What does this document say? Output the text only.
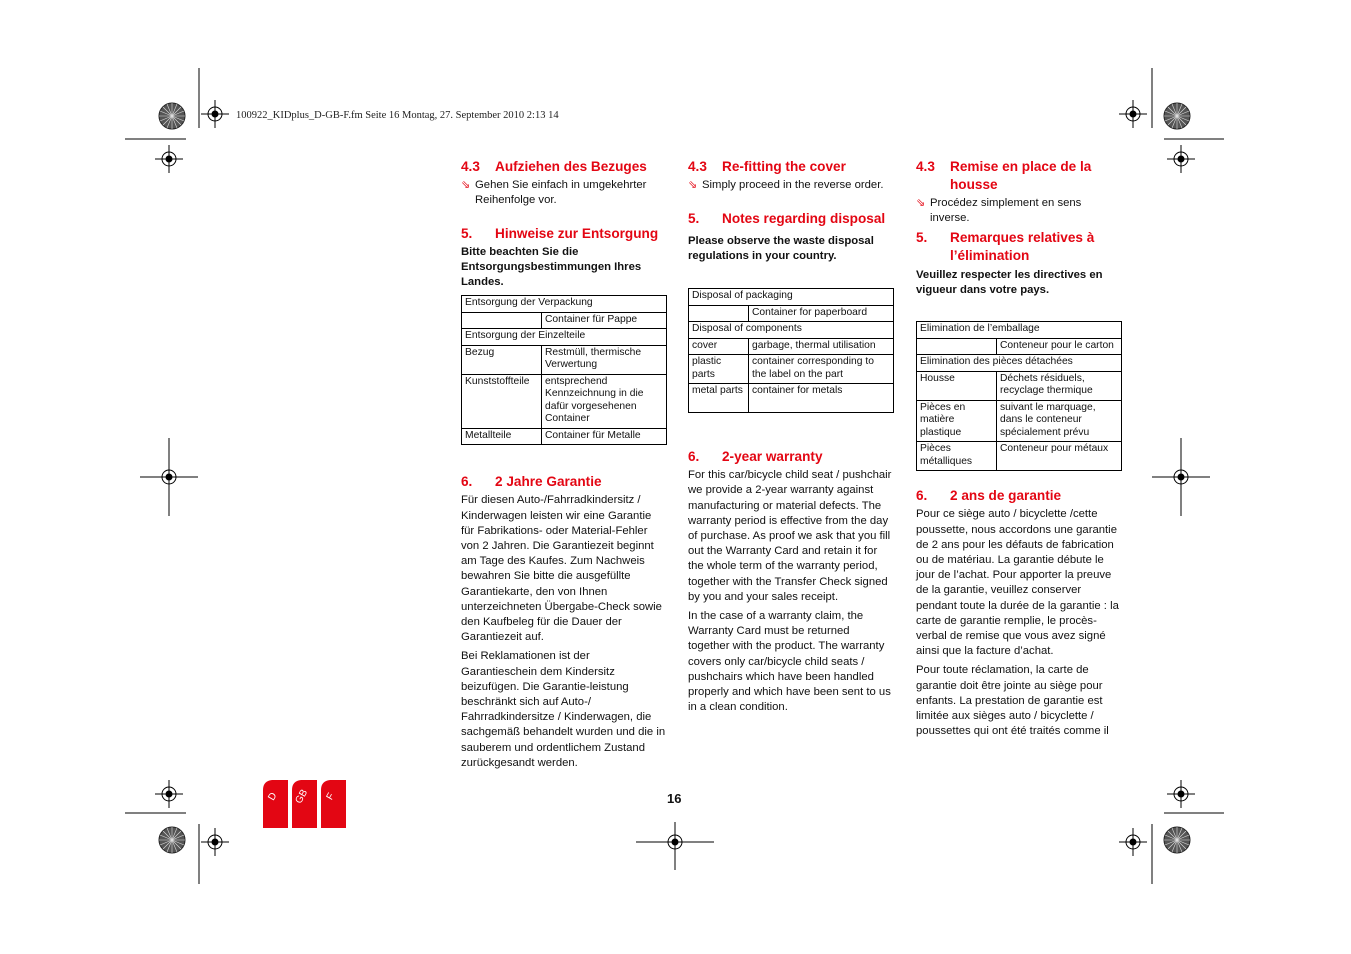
100922_KIDplus_D-GB-F.fm Seite 16 Montag, 27. September 2010 2:13 14
4.3	Aufziehen des Bezuges
⇘ Gehen Sie einfach in umgekehrter Reihenfolge vor.
5.	Hinweise zur Entsorgung

Bitte beachten Sie die Entsorgungsbestimmungen Ihres Landes.

Entsorgung der Verpackung	
	Container für Pappe
Entsorgung der Einzelteile	
Bezug	Restmüll, thermische Verwertung
Kunststoffteile	entsprechend Kennzeichnung in die dafür vorgesehenen Container
Metallteile	Container für Metalle
6.	2 Jahre Garantie

Für diesen Auto-/Fahrradkindersitz / Kinderwagen leisten wir eine Garantie für Fabrikations- oder Material-Fehler von 2 Jahren. Die Garantiezeit beginnt am Tage des Kaufes. Zum Nachweis bewahren Sie bitte die ausgefüllte Garantiekarte, den von Ihnen unterzeichneten Übergabe-Check sowie den Kaufbeleg für die Dauer der Garantiezeit auf.

Bei Reklamationen ist der Garantieschein dem Kindersitz beizufügen. Die Garantie-leistung beschränkt sich auf Auto-/ Fahrradkindersitze / Kinderwagen, die sachgemäß behandelt wurden und die in sauberem und ordentlichem Zustand zurückgesandt werden.

4.3	Re-fitting the cover
⇘ Simply proceed in the reverse order.
5.	Notes regarding disposal

Please observe the waste disposal regulations in your country.

Disposal of packaging	
	Container for paperboard
Disposal of components	
cover	garbage, thermal utilisation
plastic parts	container corresponding to the label on the part
metal parts	container for metals
6.	2-year warranty

For this car/bicycle child seat / pushchair we provide a 2-year warranty against manufacturing or material defects. The warranty period is effective from the day of purchase. As proof we ask that you fill out the Warranty Card and retain it for the whole term of the warranty period, together with the Transfer Check signed by you and your sales receipt.

In the case of a warranty claim, the Warranty Card must be returned together with the product. The warranty covers only car/bicycle child seats / pushchairs which have been handled properly and which have been sent to us in a clean condition.

4.3	Remise en place de la housse
⇘ Procédez simplement en sens inverse.
5.	Remarques relatives à l’élimination

Veuillez respecter les directives en vigueur dans votre pays.

Elimination de l’emballage	
	Conteneur pour le carton
Elimination des pièces détachées	
Housse	Déchets résiduels, recyclage thermique
Pièces en matière plastique	suivant le marquage, dans le conteneur spécialement prévu
Pièces métalliques	Conteneur pour métaux
6.	2 ans de garantie

Pour ce siège auto / bicyclette /cette poussette, nous accordons une garantie de 2 ans pour les défauts de fabrication ou de matériau. La garantie débute le jour de l’achat. Pour apporter la preuve de la garantie, veuillez conserver pendant toute la durée de la garantie : la carte de garantie remplie, le procès-verbal de remise que vous avez signé ainsi que la facture d’achat.

Pour toute réclamation, la carte de garantie doit être jointe au siège pour enfants. La prestation de garantie est limitée aux sièges auto / bicyclette / poussettes qui ont été traités comme il

16
D GB F
